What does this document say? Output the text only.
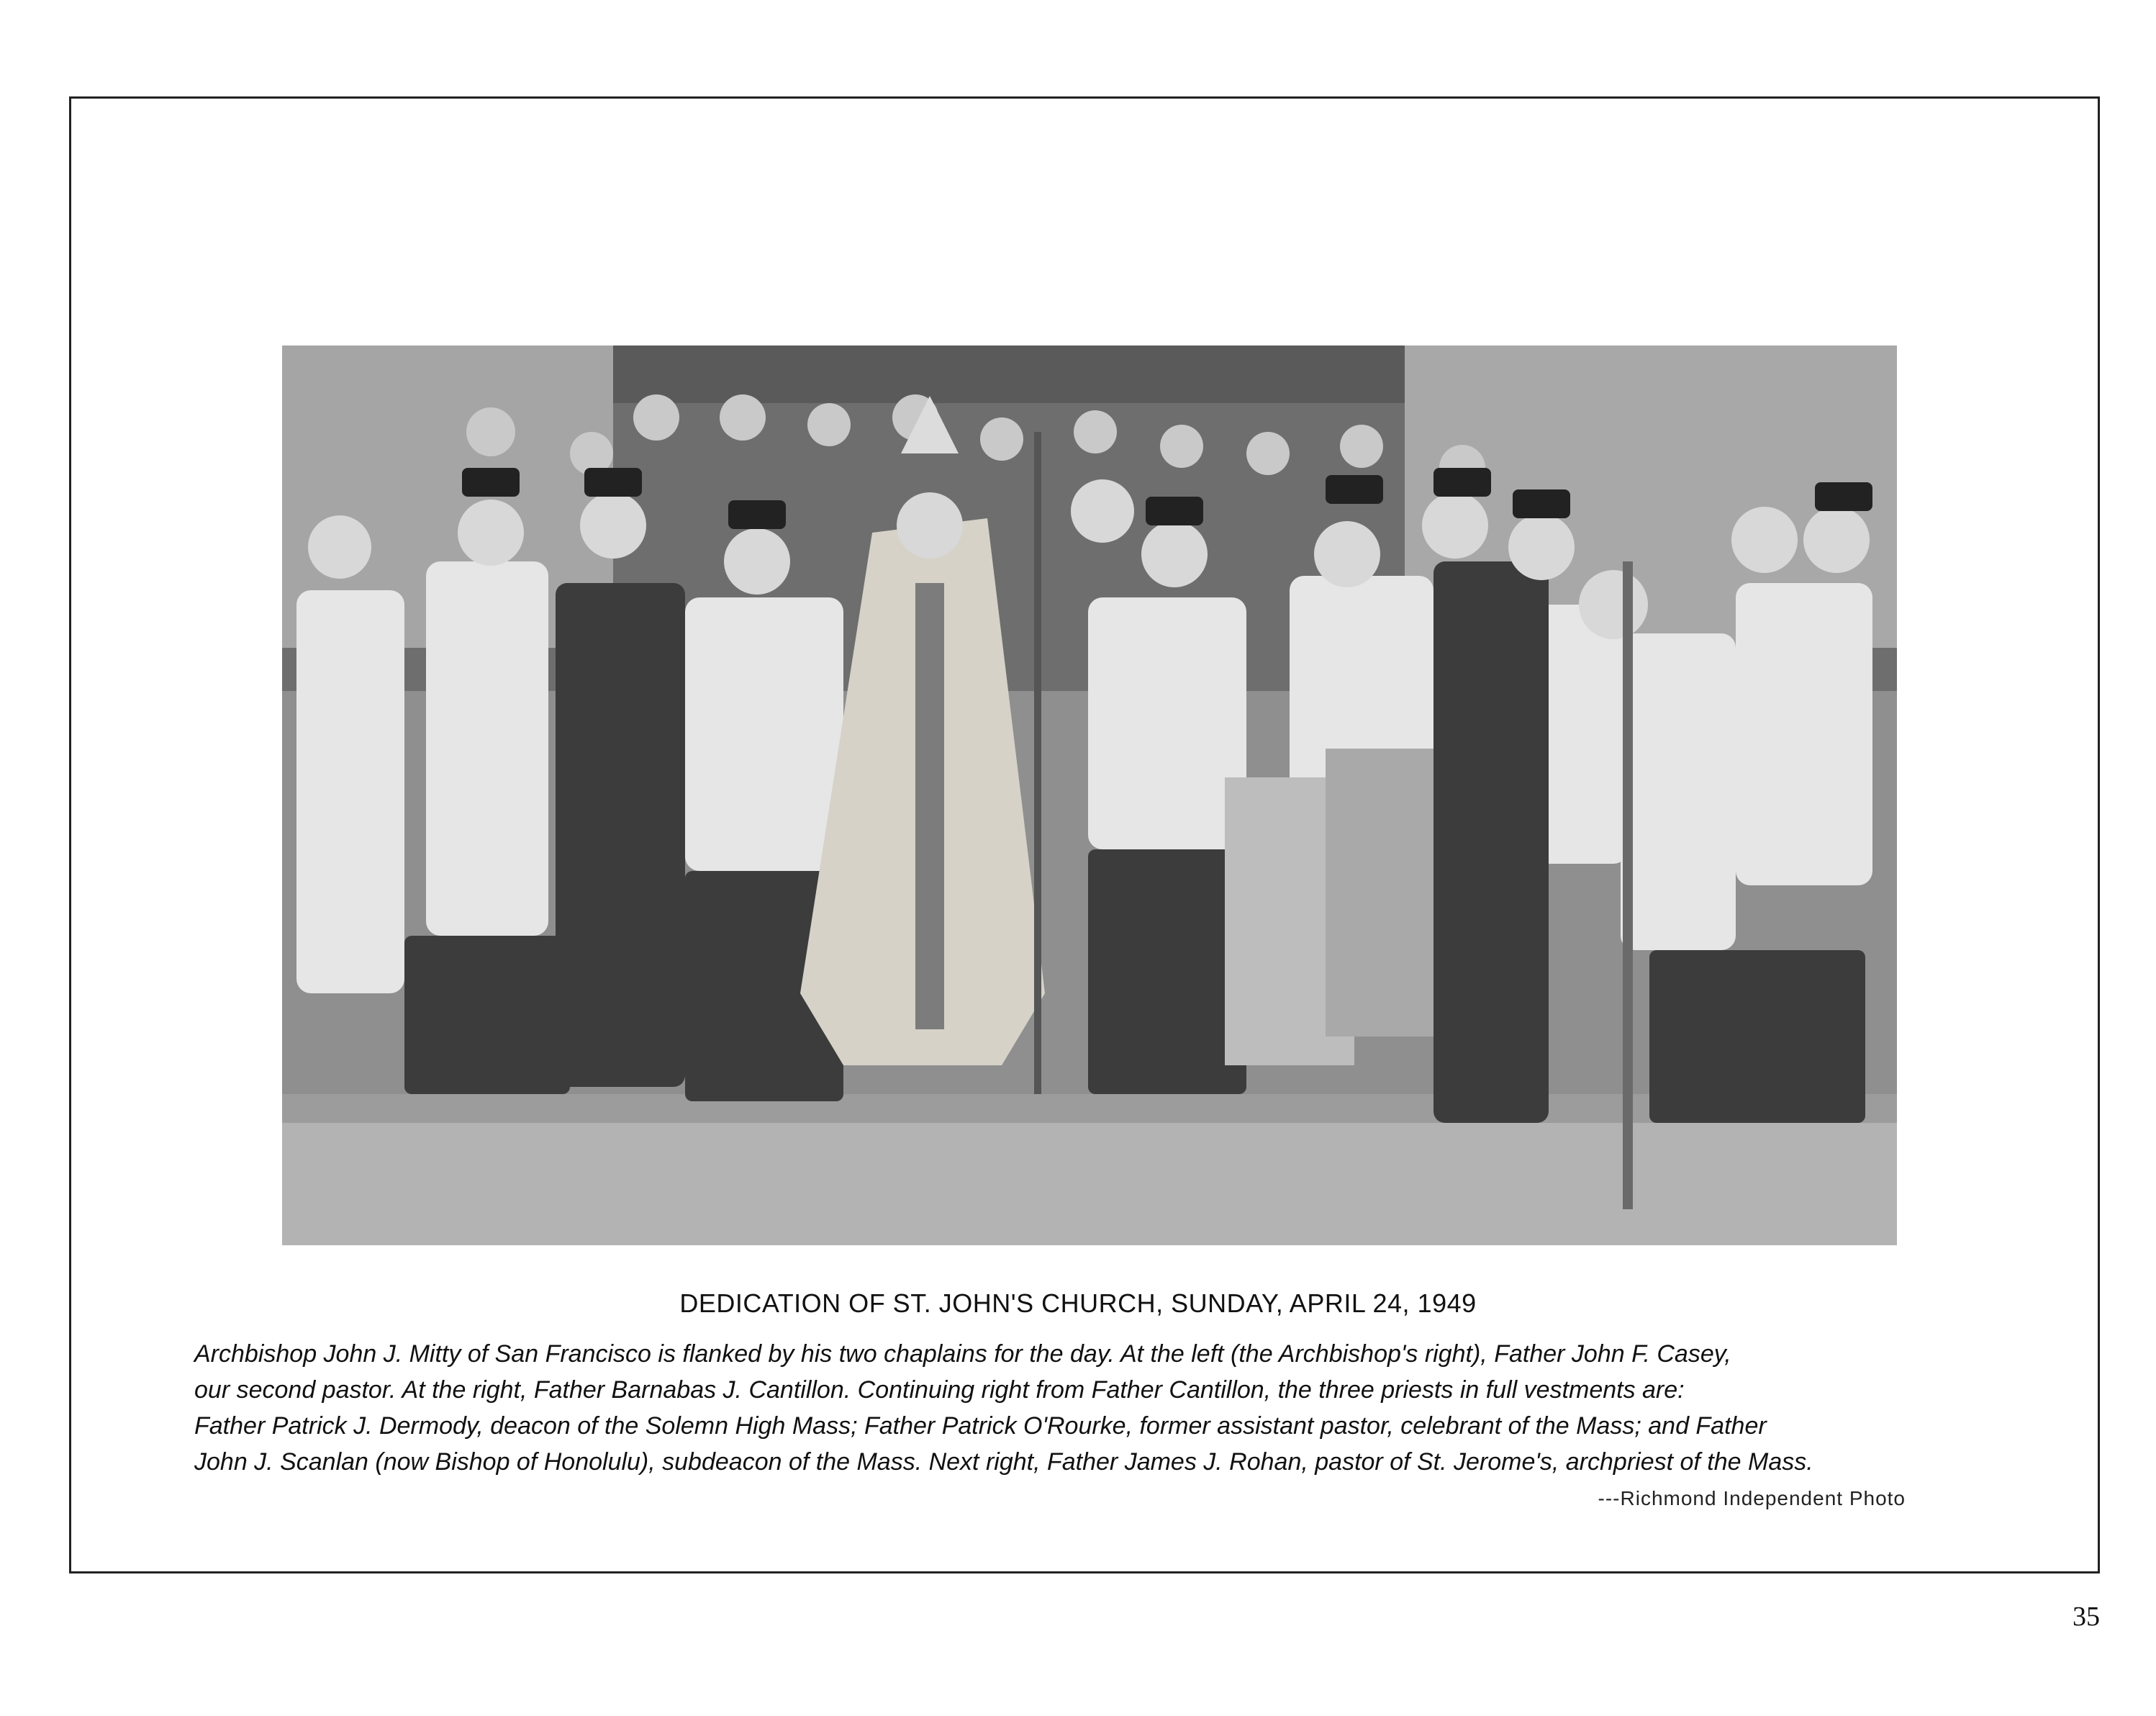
DEDICATION OF ST. JOHN'S CHURCH, SUNDAY, APRIL 24, 1949
Archbishop John J. Mitty of San Francisco is flanked by his two chaplains for the day. At the left (the Archbishop's right), Father John F. Casey,
our second pastor. At the right, Father Barnabas J. Cantillon. Continuing right from Father Cantillon, the three priests in full vestments are:
Father Patrick J. Dermody, deacon of the Solemn High Mass; Father Patrick O'Rourke, former assistant pastor, celebrant of the Mass; and Father
John J. Scanlan (now Bishop of Honolulu), subdeacon of the Mass. Next right, Father James J. Rohan, pastor of St. Jerome's, archpriest of the Mass.
---Richmond Independent Photo
35
